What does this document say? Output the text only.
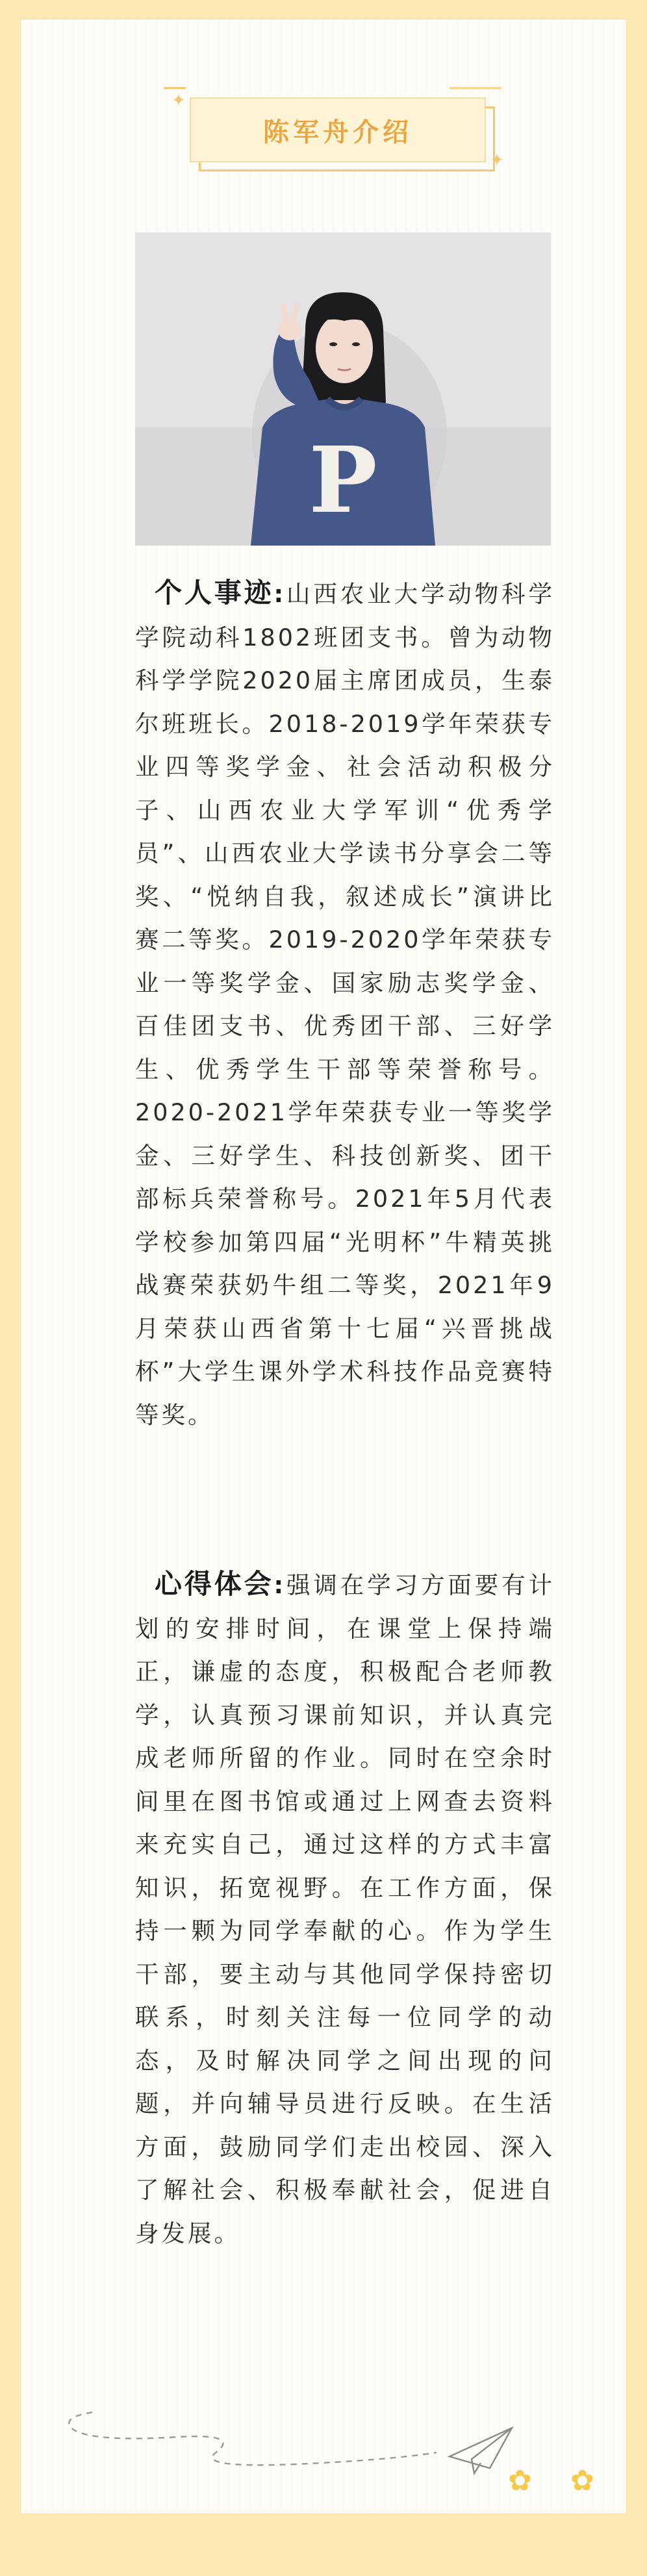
陈军舟介绍
✦
✦
P

个人事迹:山西农业大学动物科学学院动科1802班团支书。曾为动物科学学院2020届主席团成员，生泰尔班班长。2018-2019学年荣获专业四等奖学金、社会活动积极分子、山西农业大学军训“优秀学员”、山西农业大学读书分享会二等奖、“悦纳自我，叙述成长”演讲比赛二等奖。2019-2020学年荣获专业一等奖学金、国家励志奖学金、百佳团支书、优秀团干部、三好学生、优秀学生干部等荣誉称号。2020-2021学年荣获专业一等奖学金、三好学生、科技创新奖、团干部标兵荣誉称号。2021年5月代表学校参加第四届“光明杯”牛精英挑战赛荣获奶牛组二等奖，2021年9月荣获山西省第十七届“兴晋挑战杯”大学生课外学术科技作品竞赛特等奖。

心得体会:强调在学习方面要有计划的安排时间，在课堂上保持端正，谦虚的态度，积极配合老师教学，认真预习课前知识，并认真完成老师所留的作业。同时在空余时间里在图书馆或通过上网查去资料来充实自己，通过这样的方式丰富知识，拓宽视野。在工作方面，保持一颗为同学奉献的心。作为学生干部，要主动与其他同学保持密切联系，时刻关注每一位同学的动态，及时解决同学之间出现的问题，并向辅导员进行反映。在生活方面，鼓励同学们走出校园、深入了解社会、积极奉献社会，促进自身发展。

✿ ✿
